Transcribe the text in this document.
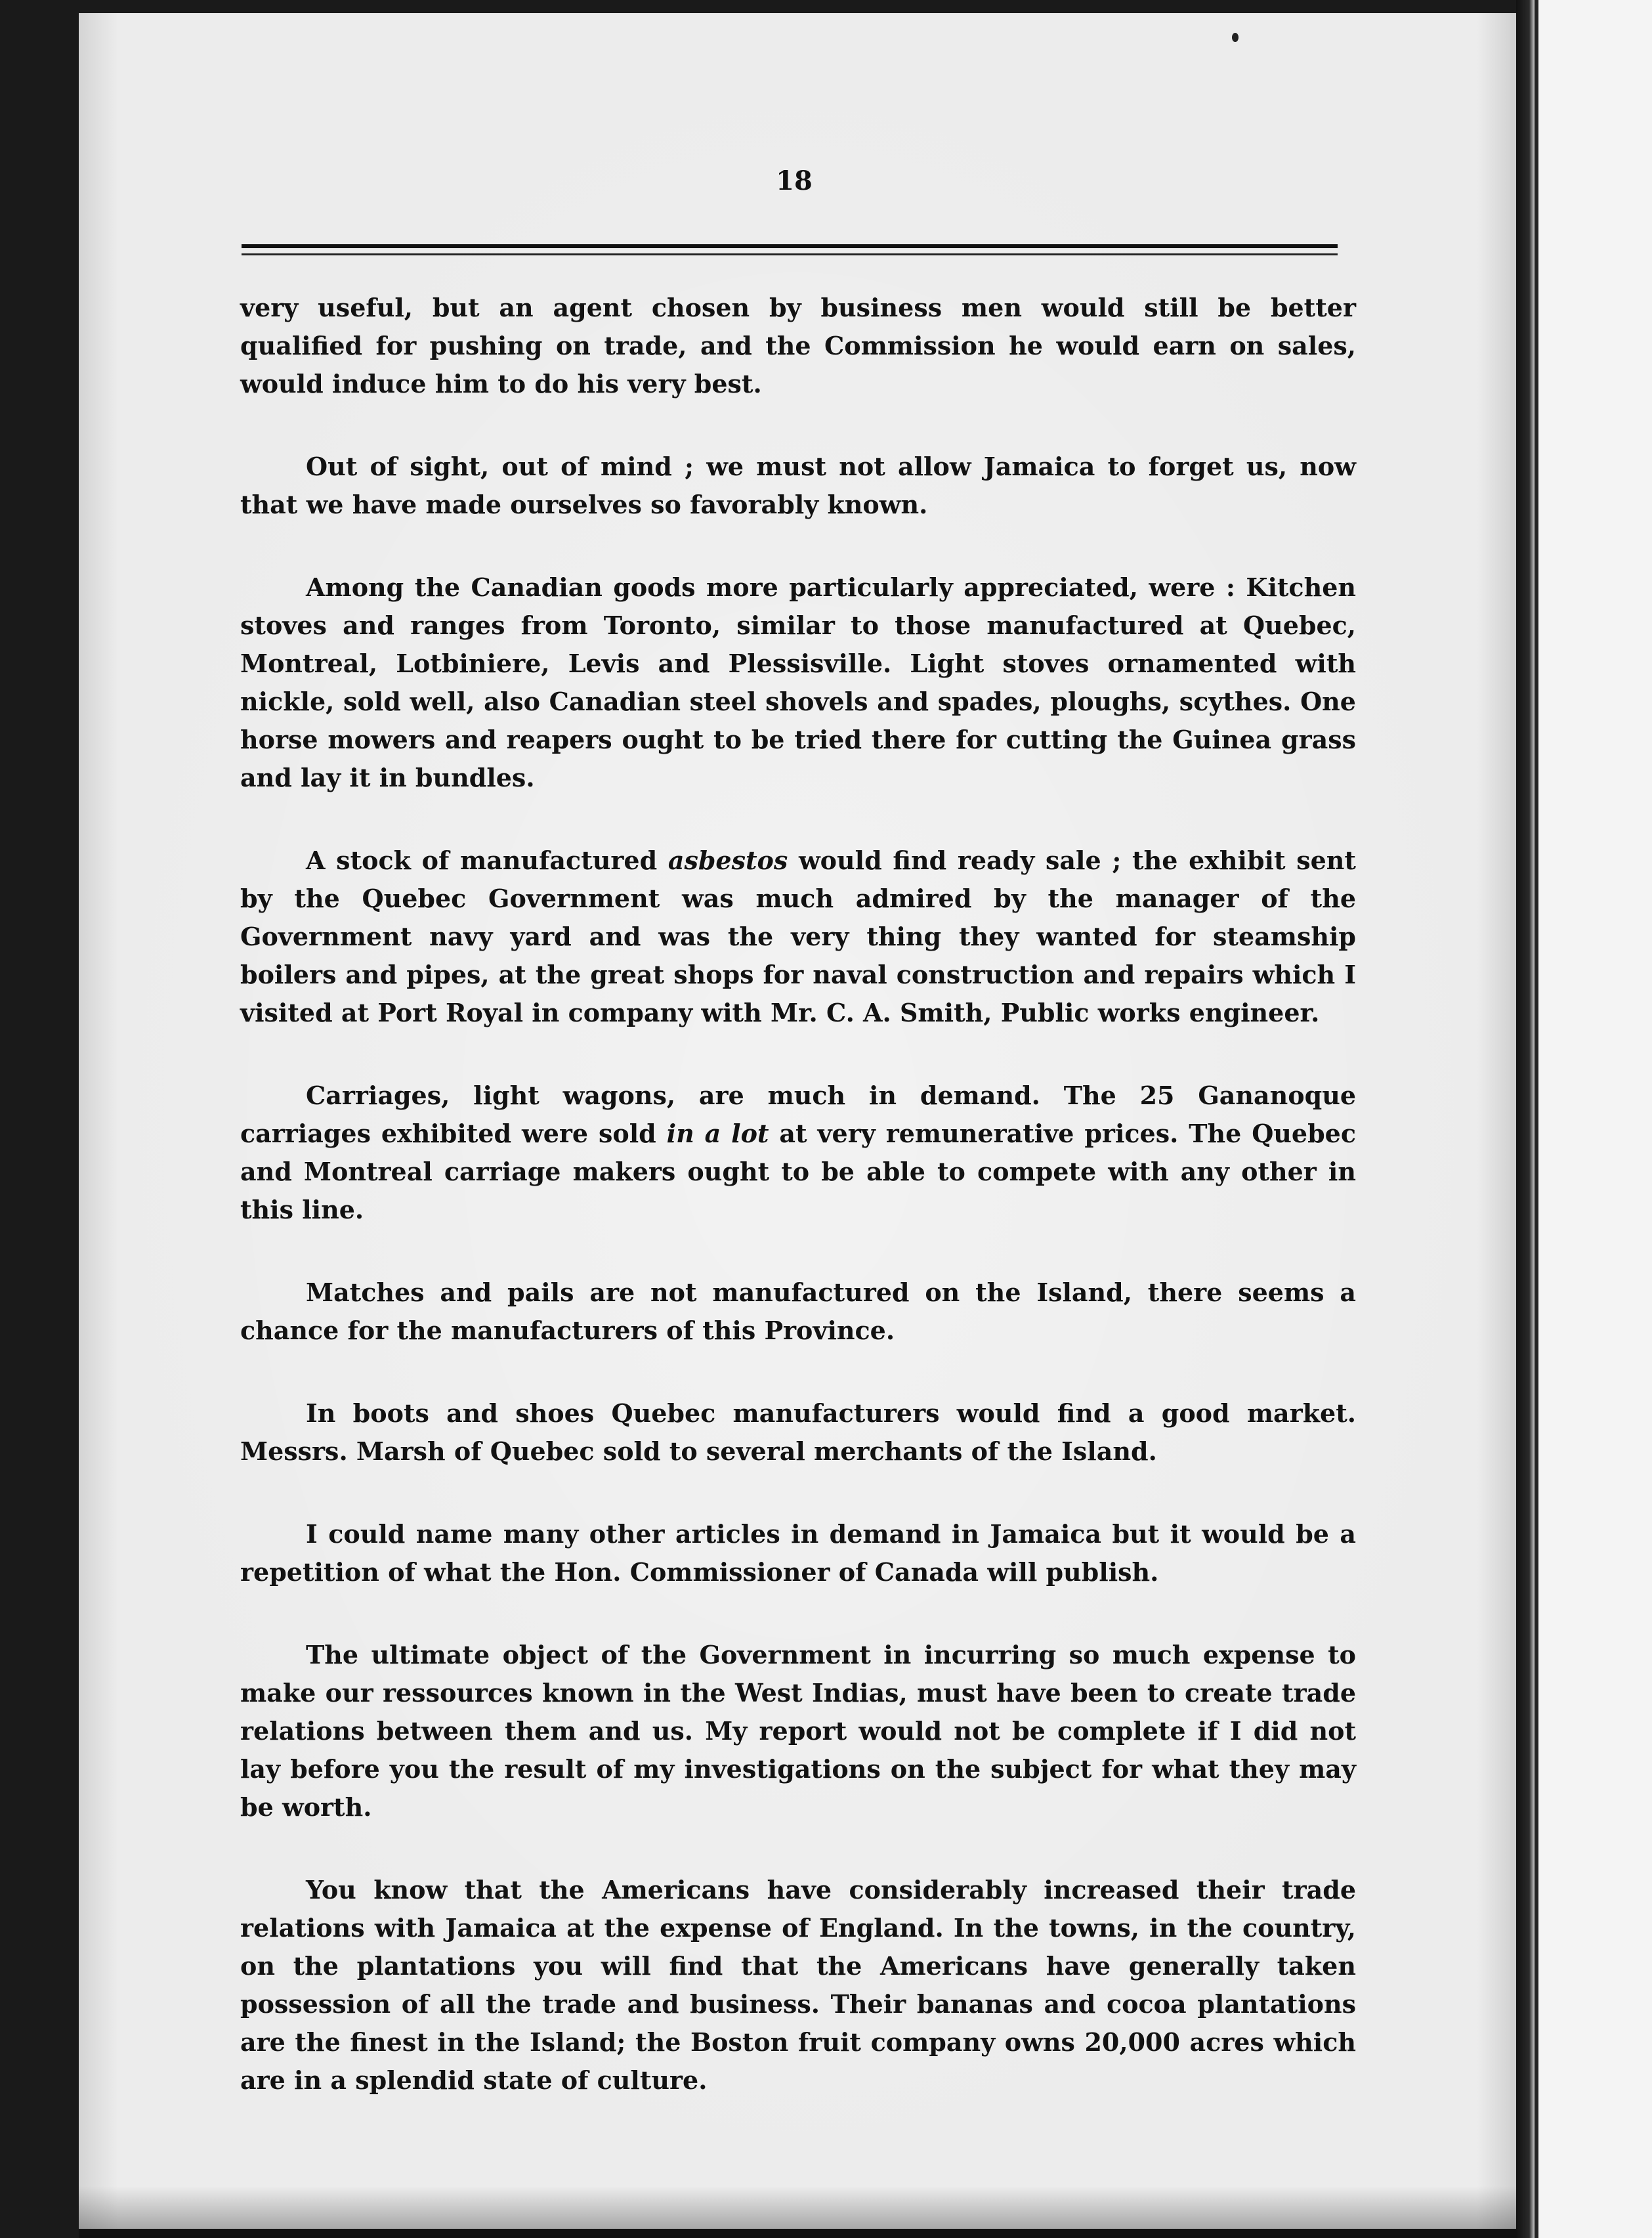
18

very useful, but an agent chosen by business men would still be better qualified for pushing on trade, and the Commission he would earn on sales, would induce him to do his very best.

Out of sight, out of mind ; we must not allow Jamaica to forget us, now that we have made ourselves so favorably known.

Among the Canadian goods more particularly appreciated, were : Kitchen stoves and ranges from Toronto, similar to those manufactured at Quebec, Montreal, Lotbiniere, Levis and Plessisville. Light stoves ornamented with nickle, sold well, also Canadian steel shovels and spades, ploughs, scythes. One horse mowers and reapers ought to be tried there for cutting the Guinea grass and lay it in bundles.

A stock of manufactured asbestos would find ready sale ; the exhibit sent by the Quebec Government was much admired by the manager of the Government navy yard and was the very thing they wanted for steamship boilers and pipes, at the great shops for naval construction and repairs which I visited at Port Royal in company with Mr. C. A. Smith, Public works engineer.

Carriages, light wagons, are much in demand. The 25 Gananoque carriages exhibited were sold in a lot at very remunerative prices. The Quebec and Montreal carriage makers ought to be able to compete with any other in this line.

Matches and pails are not manufactured on the Island, there seems a chance for the manufacturers of this Province.

In boots and shoes Quebec manufacturers would find a good market. Messrs. Marsh of Quebec sold to several merchants of the Island.

I could name many other articles in demand in Jamaica but it would be a repetition of what the Hon. Commissioner of Canada will publish.

The ultimate object of the Government in incurring so much expense to make our ressources known in the West Indias, must have been to create trade relations between them and us. My report would not be complete if I did not lay before you the result of my investigations on the subject for what they may be worth.

You know that the Americans have considerably increased their trade relations with Jamaica at the expense of England. In the towns, in the country, on the plantations you will find that the Americans have generally taken possession of all the trade and business. Their bananas and cocoa plantations are the finest in the Island; the Boston fruit company owns 20,000 acres which are in a splendid state of culture.
